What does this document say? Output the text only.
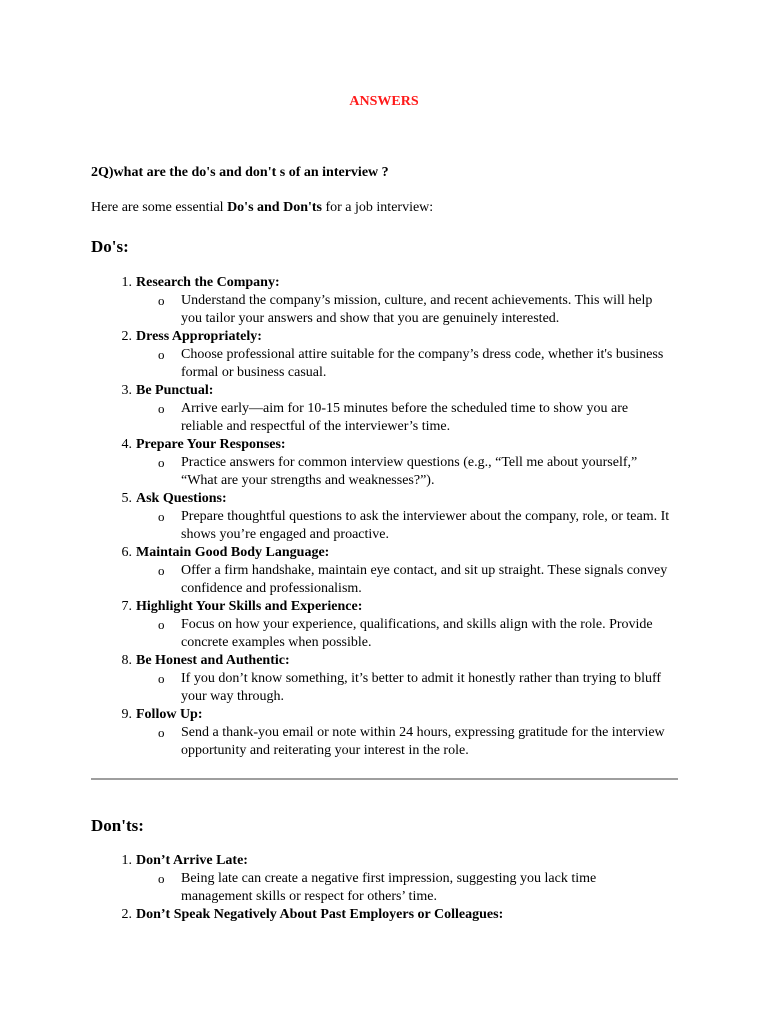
ANSWERS
2Q)what are the do's and don't s of an interview ?
Here are some essential Do's and Don'ts for a job interview:
Do's:
1. Research the Company:
o Understand the company’s mission, culture, and recent achievements. This will help you tailor your answers and show that you are genuinely interested.
2. Dress Appropriately:
o Choose professional attire suitable for the company’s dress code, whether it's business formal or business casual.
3. Be Punctual:
o Arrive early—aim for 10-15 minutes before the scheduled time to show you are reliable and respectful of the interviewer’s time.
4. Prepare Your Responses:
o Practice answers for common interview questions (e.g., “Tell me about yourself,” “What are your strengths and weaknesses?”).
5. Ask Questions:
o Prepare thoughtful questions to ask the interviewer about the company, role, or team. It shows you’re engaged and proactive.
6. Maintain Good Body Language:
o Offer a firm handshake, maintain eye contact, and sit up straight. These signals convey confidence and professionalism.
7. Highlight Your Skills and Experience:
o Focus on how your experience, qualifications, and skills align with the role. Provide concrete examples when possible.
8. Be Honest and Authentic:
o If you don’t know something, it’s better to admit it honestly rather than trying to bluff your way through.
9. Follow Up:
o Send a thank-you email or note within 24 hours, expressing gratitude for the interview opportunity and reiterating your interest in the role.
Don'ts:
1. Don’t Arrive Late:
o Being late can create a negative first impression, suggesting you lack time management skills or respect for others’ time.
2. Don’t Speak Negatively About Past Employers or Colleagues:
